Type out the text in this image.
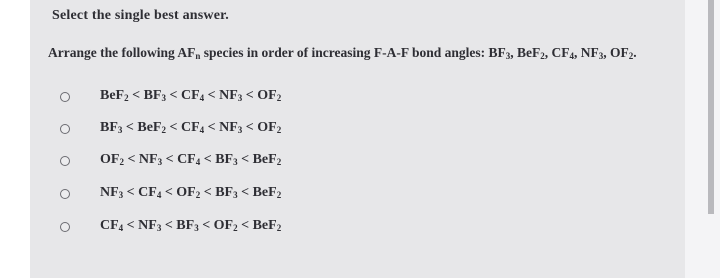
Select the single best answer.
Arrange the following $AF_n$ species in order of increasing F-A-F bond angles: $BF_3$, BeF$_2$, $CF_4$, $NF_3$, $OF_2$.
$BeF_2 < BF_3 < CF_4 < NF_3 < OF_2$
$BF_3 < BeF_2 < CF_4 < NF_3 < OF_2$
$OF_2 < NF_3 < CF_4 < BF_3 < BeF_2$
$NF_3 < CF_4 < OF_2 < BF_3 < BeF_2$
$CF_4 < NF_3 < BF_3 < OF_2 < BeF_2$
